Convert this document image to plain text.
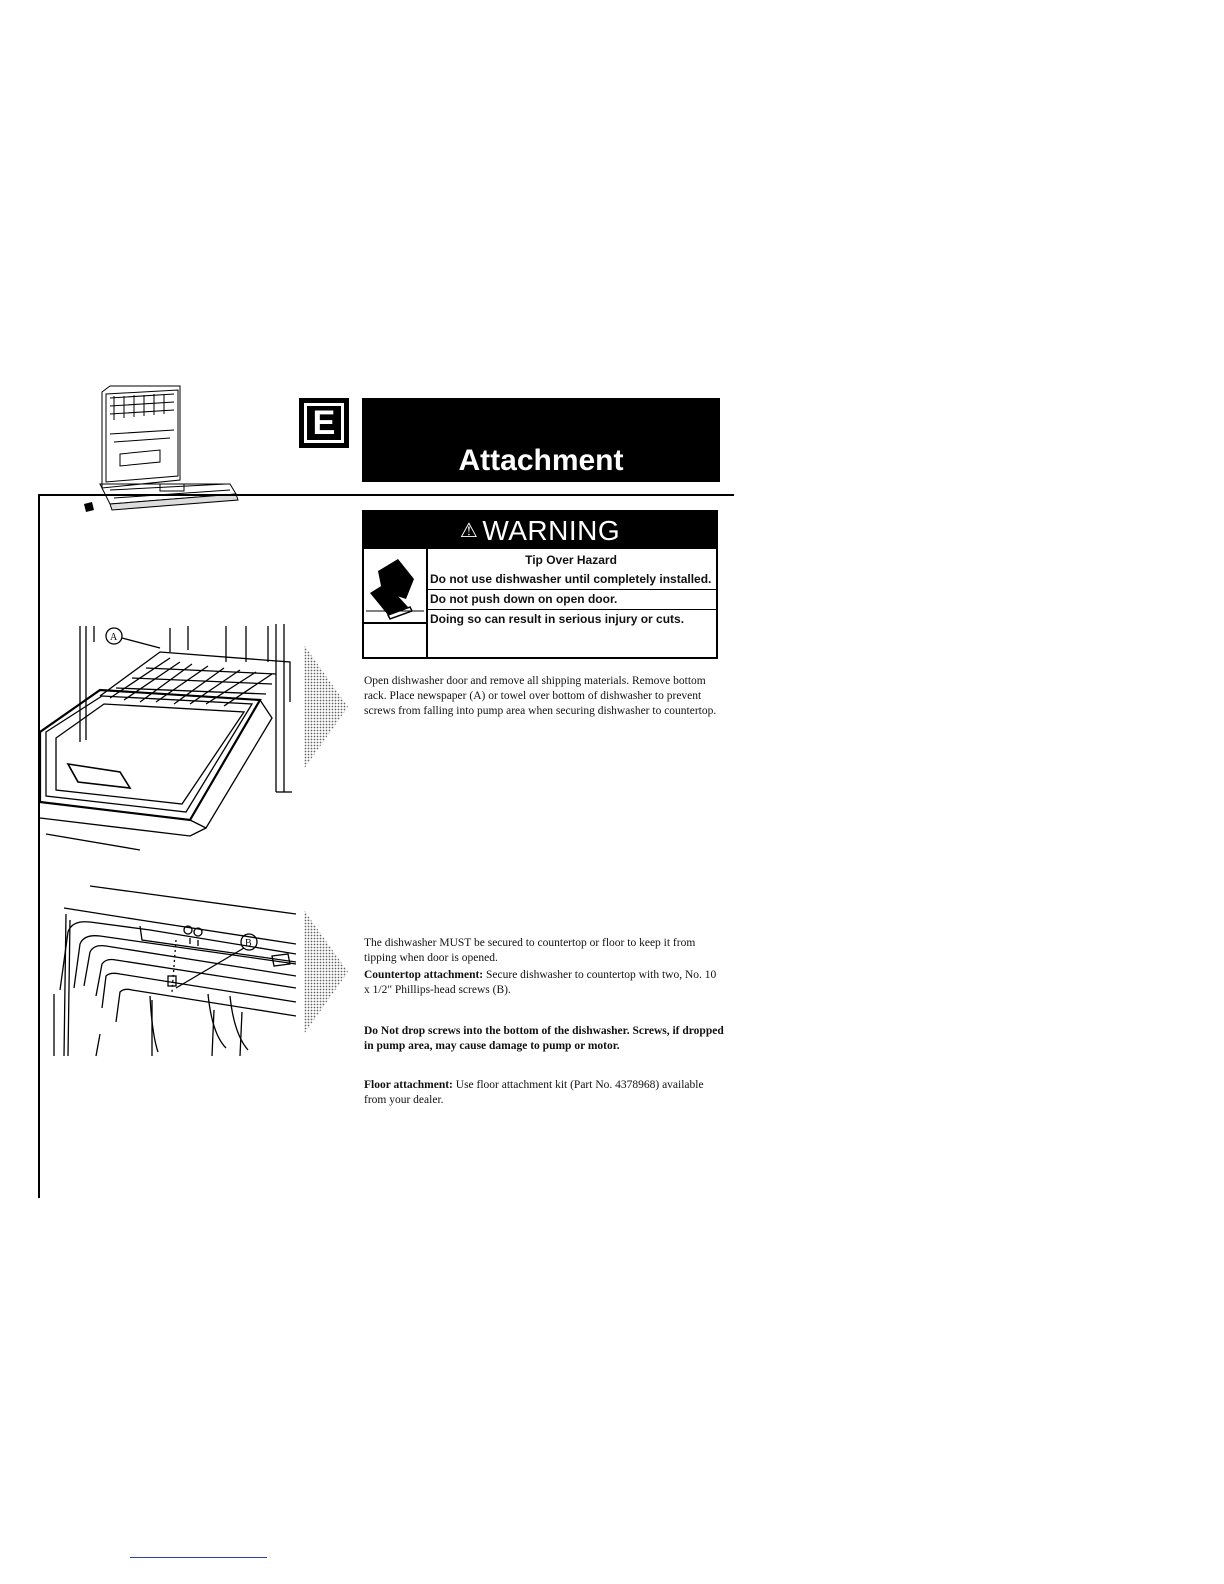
E
Attachment
⚠ WARNING
Tip Over Hazard
Do not use dishwasher until completely installed.
Do not push down on open door.
Doing so can result in serious injury or cuts.
A
Open dishwasher door and remove all shipping materials. Remove bottom rack. Place newspaper (A) or towel over bottom of dishwasher to prevent screws from falling into pump area when securing dishwasher to countertop.
B	The dishwasher MUST be secured to countertop or floor to keep it from tipping when door is opened.
Countertop attachment: Secure dishwasher to countertop with two, No. 10 x 1/2" Phillips-head screws (B).
Do Not drop screws into the bottom of the dishwasher. Screws, if dropped in pump area, may cause damage to pump or motor.
Floor attachment: Use floor attachment kit (Part No. 4378968) available from your dealer.
